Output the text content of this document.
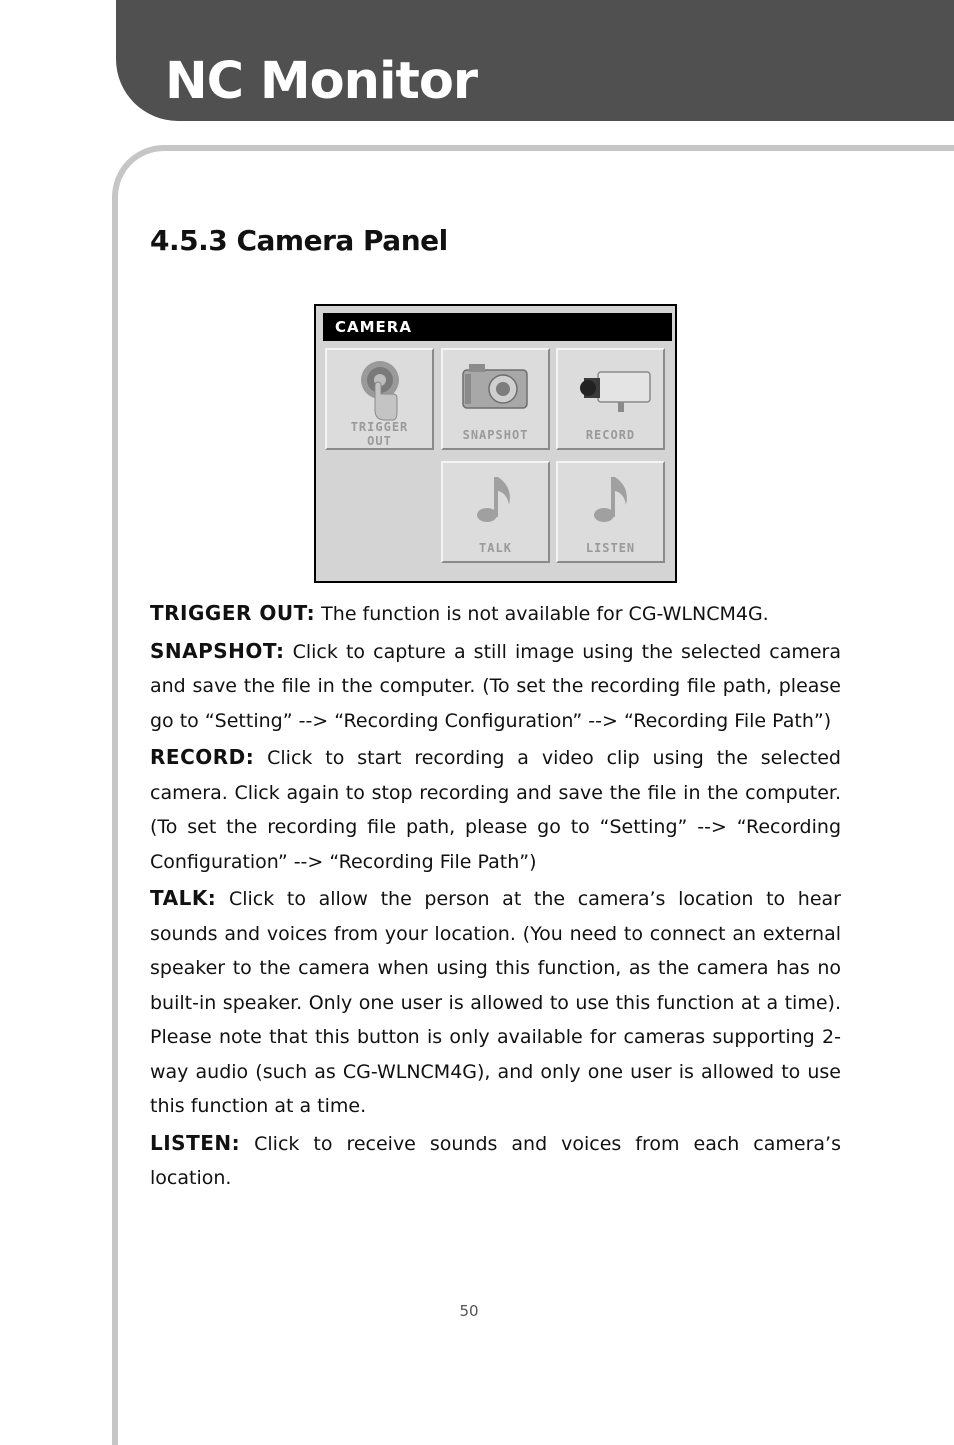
NC Monitor
4.5.3 Camera Panel
CAMERA
TRIGGER
OUT	SNAPSHOT	RECORD
TALK	LISTEN

TRIGGER OUT: The function is not available for CG-WLNCM4G.

SNAPSHOT: Click to capture a still image using the selected camera and save the file in the computer. (To set the recording file path, please go to “Setting” --> “Recording Configuration” --> “Recording File Path”)

RECORD: Click to start recording a video clip using the selected camera. Click again to stop recording and save the file in the computer. (To set the recording file path, please go to “Setting” --> “Recording Configuration” --> “Recording File Path”)

TALK: Click to allow the person at the camera’s location to hear sounds and voices from your location. (You need to connect an external speaker to the camera when using this function, as the camera has no built-in speaker. Only one user is allowed to use this function at a time). Please note that this button is only available for cameras supporting 2-way audio (such as CG-WLNCM4G), and only one user is allowed to use this function at a time.

LISTEN: Click to receive sounds and voices from each camera’s location.

50
